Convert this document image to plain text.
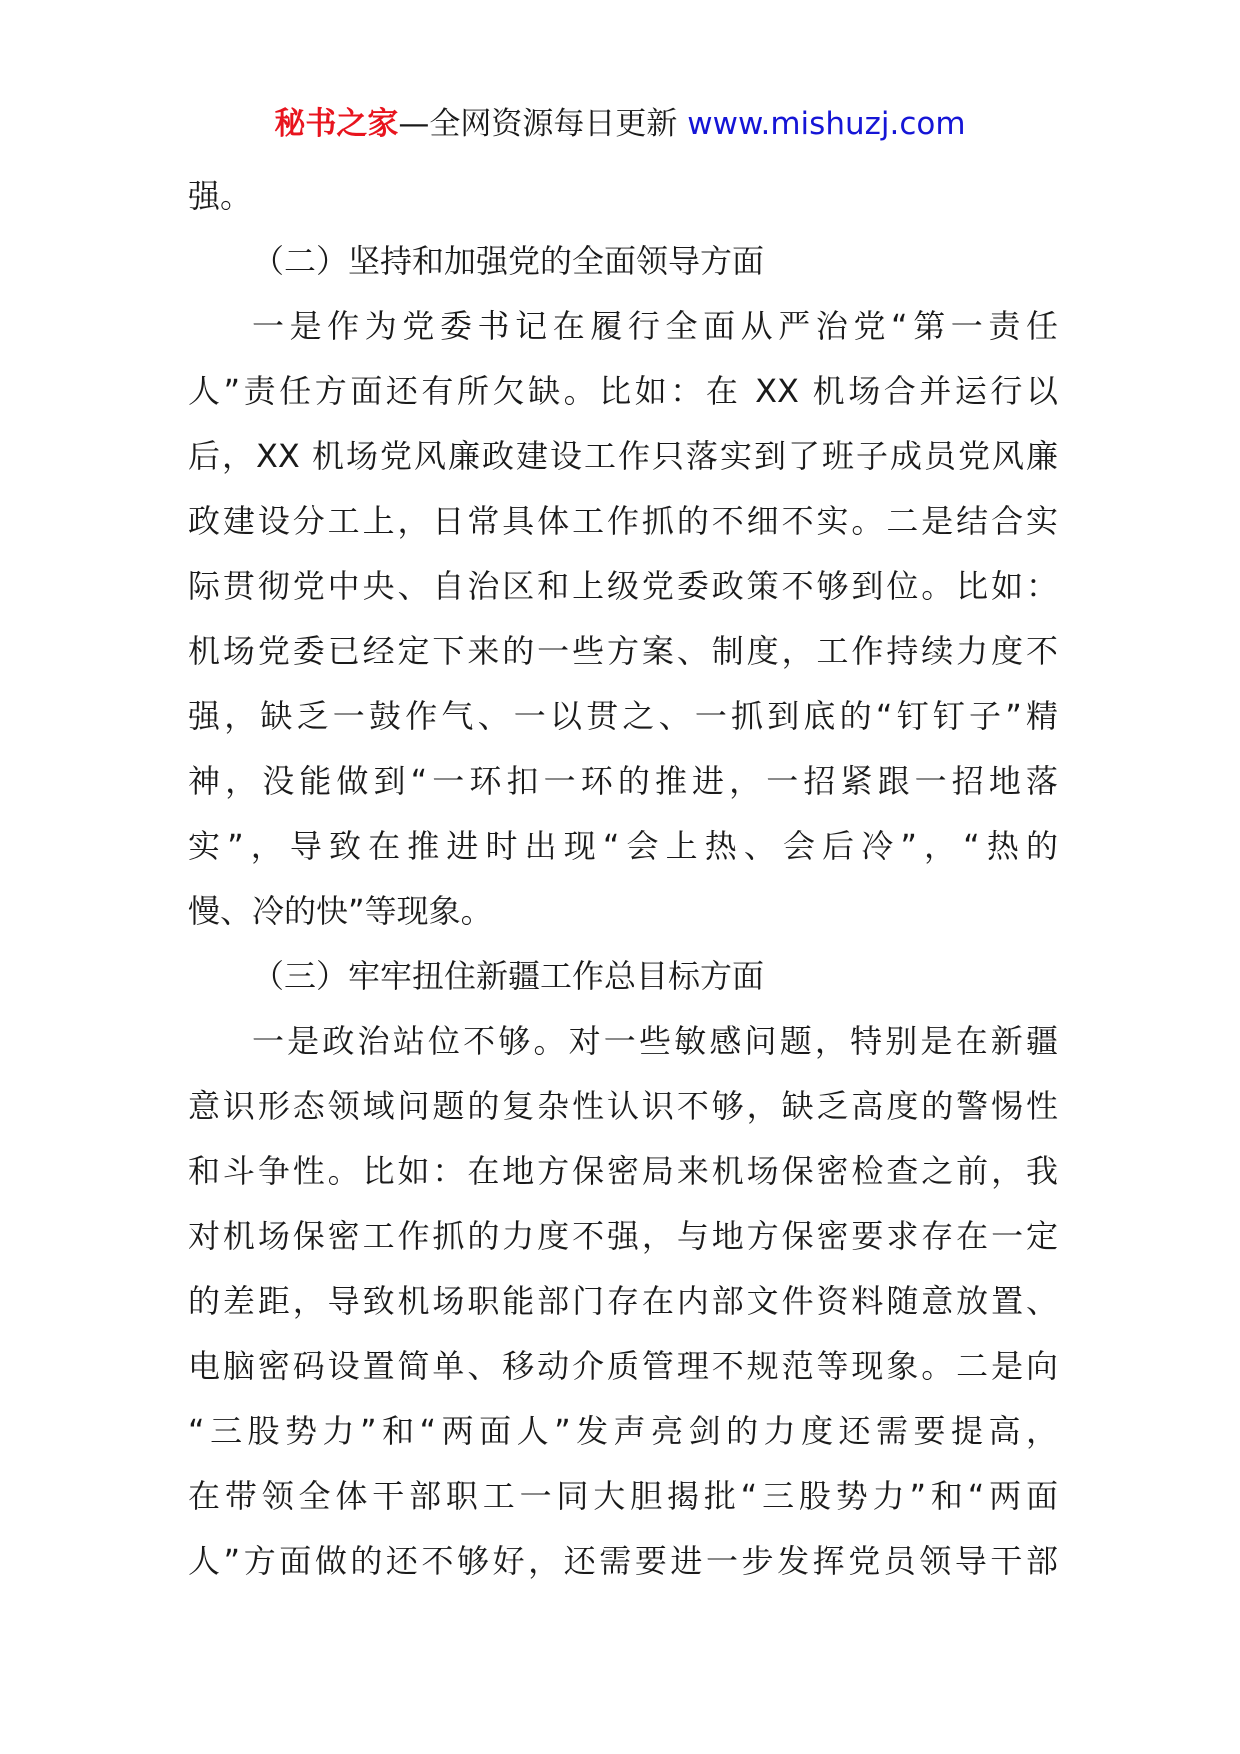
秘书之家—全网资源每日更新 www.mishuzj.com
强。
（二）坚持和加强党的全面领导方面
一是作为党委书记在履行全面从严治党“第一责任
人”责任方面还有所欠缺。比如：在 XX 机场合并运行以
后，XX 机场党风廉政建设工作只落实到了班子成员党风廉
政建设分工上，日常具体工作抓的不细不实。二是结合实
际贯彻党中央、自治区和上级党委政策不够到位。比如：
机场党委已经定下来的一些方案、制度，工作持续力度不
强，缺乏一鼓作气、一以贯之、一抓到底的“钉钉子”精
神，没能做到“一环扣一环的推进，一招紧跟一招地落
实”，导致在推进时出现“会上热、会后冷”，“热的
慢、冷的快”等现象。
（三）牢牢扭住新疆工作总目标方面
一是政治站位不够。对一些敏感问题，特别是在新疆
意识形态领域问题的复杂性认识不够，缺乏高度的警惕性
和斗争性。比如：在地方保密局来机场保密检查之前，我
对机场保密工作抓的力度不强，与地方保密要求存在一定
的差距，导致机场职能部门存在内部文件资料随意放置、
电脑密码设置简单、移动介质管理不规范等现象。二是向
“三股势力”和“两面人”发声亮剑的力度还需要提高，
在带领全体干部职工一同大胆揭批“三股势力”和“两面
人”方面做的还不够好，还需要进一步发挥党员领导干部
